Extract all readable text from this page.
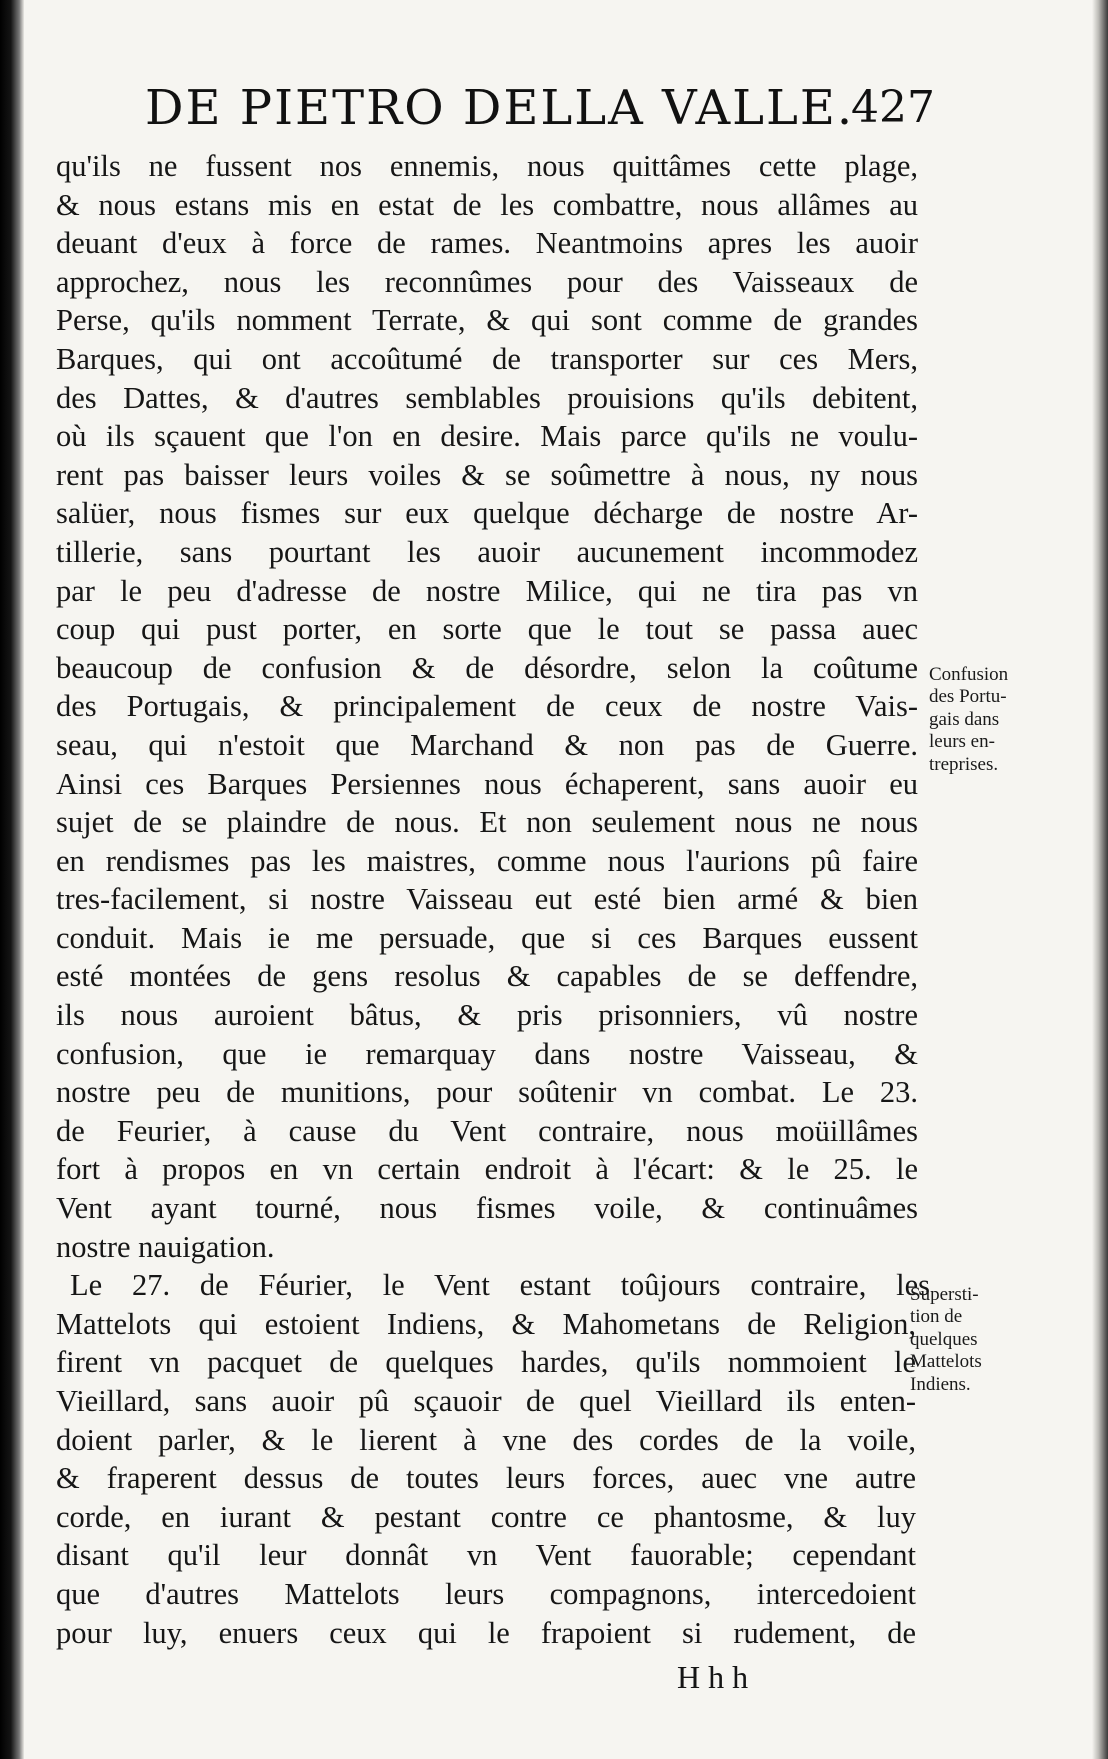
DE PIETRO DELLA VALLE.
427
qu'ils ne fussent nos ennemis, nous quittâmes cette plage,
& nous estans mis en estat de les combattre, nous allâmes au
deuant d'eux à force de rames. Neantmoins apres les auoir
approchez, nous les reconnûmes pour des Vaisseaux de
Perse, qu'ils nomment Terrate, & qui sont comme de grandes
Barques, qui ont accoûtumé de transporter sur ces Mers,
des Dattes, & d'autres semblables prouisions qu'ils debitent,
où ils sçauent que l'on en desire. Mais parce qu'ils ne voulu-
rent pas baisser leurs voiles & se soûmettre à nous, ny nous
salüer, nous fismes sur eux quelque décharge de nostre Ar-
tillerie, sans pourtant les auoir aucunement incommodez
par le peu d'adresse de nostre Milice, qui ne tira pas vn
coup qui pust porter, en sorte que le tout se passa auec
beaucoup de confusion & de désordre, selon la coûtume
des Portugais, & principalement de ceux de nostre Vais-
seau, qui n'estoit que Marchand & non pas de Guerre.
Ainsi ces Barques Persiennes nous échaperent, sans auoir eu
sujet de se plaindre de nous. Et non seulement nous ne nous
en rendismes pas les maistres, comme nous l'aurions pû faire
tres-facilement, si nostre Vaisseau eut esté bien armé & bien
conduit. Mais ie me persuade, que si ces Barques eussent
esté montées de gens resolus & capables de se deffendre,
ils nous auroient bâtus, & pris prisonniers, vû nostre
confusion, que ie remarquay dans nostre Vaisseau, &
nostre peu de munitions, pour soûtenir vn combat. Le 23.
de Feurier, à cause du Vent contraire, nous moüillâmes
fort à propos en vn certain endroit à l'écart: & le 25. le
Vent ayant tourné, nous fismes voile, & continuâmes
nostre nauigation.
Le 27. de Féurier, le Vent estant toûjours contraire, les
Mattelots qui estoient Indiens, & Mahometans de Religion,
firent vn pacquet de quelques hardes, qu'ils nommoient le
Vieillard, sans auoir pû sçauoir de quel Vieillard ils enten-
doient parler, & le lierent à vne des cordes de la voile,
& fraperent dessus de toutes leurs forces, auec vne autre
corde, en iurant & pestant contre ce phantosme, & luy
disant qu'il leur donnât vn Vent fauorable; cependant
que d'autres Mattelots leurs compagnons, intercedoient
pour luy, enuers ceux qui le frapoient si rudement, de
Confusion
des Portu-
gais dans
leurs en-
treprises.
Supersti-
tion de
quelques
Mattelots
Indiens.
Hhh
